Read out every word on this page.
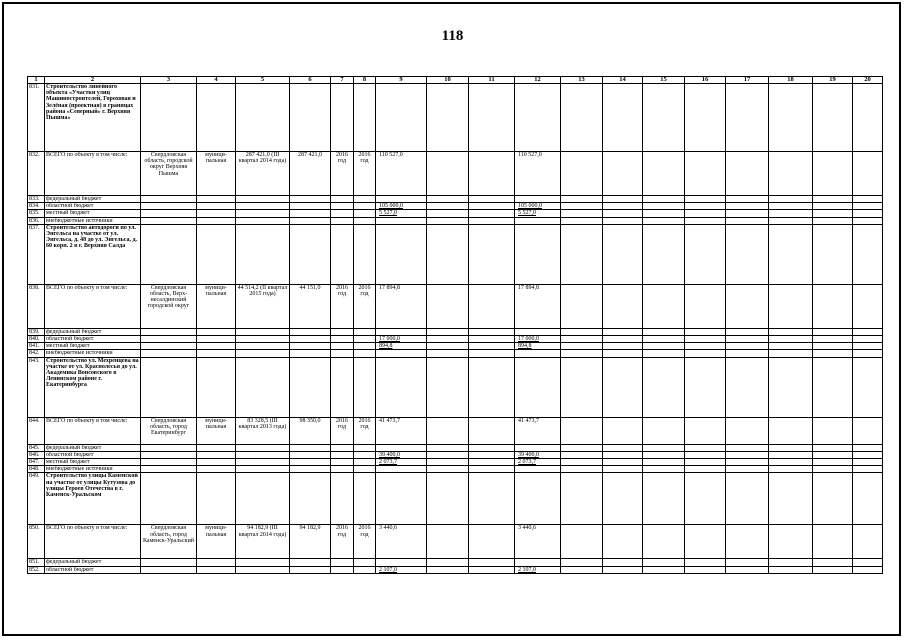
118
1	2	3	4	5	6	7	8	9	10	11	12	13	14	15	16	17	18	19	20
831.	Строительство линейного объекта «Участки улиц Машиностроителей, Гороховая и Зелёная (проектная) в границах района «Северный» г. Верхняя Пышма»																		
832.	ВСЕГО по объекту в том числе:	Свердловская область, городской округ Верхняя Пышма	муници-пальная	287 421,0 (III квартал 2014 года)	287 421,0	2016 год	2016 год	110 527,0			110 527,0								
833.	федеральный бюджет																		
834.	областной бюджет							105 000,0			105 000,0								
835.	местный бюджет							5 527,0			5 527,0								
836.	внебюджетные источники																		
837.	Строительство автодороги по ул. Энгельса на участке от ул. Энгельса, д. 48 до ул. Энгельса, д. 60 корп. 2 в г. Верхняя Салда																		
838.	ВСЕГО по объекту в том числе:	Свердловская область, Верх-несалдинский городской округ	муници-пальная	44 514,2 (II квартал 2015 года)	44 151,0	2016 год	2016 год	17 894,8			17 894,8								
839.	федеральный бюджет																		
840.	областной бюджет							17 000,0			17 000,0								
841.	местный бюджет							894,8			894,8								
842.	внебюджетные источники																		
843.	Строительство ул. Мехренцева на участке от ул. Краснолесья до ул. Академика Вонсовского в Ленинском районе г. Екатеринбурга																		
844.	ВСЕГО по объекту в том числе:	Свердловская область, город Екатеринбург	муници-пальная	83 328,5 (III квартал 2013 года)	98 350,0	2016 год	2016 год	41 473,7			41 473,7								
845.	федеральный бюджет																		
846.	областной бюджет							39 400,0			39 400,0								
847.	местный бюджет							2 073,7			2 073,7								
848.	внебюджетные источники																		
849.	Строительство улицы Каменской на участке от улицы Кутузова до улицы Героев Отечества в г. Каменск-Уральском																		
850.	ВСЕГО по объекту в том числе:	Свердловская область, город Каменск-Уральский	муници-пальная	94 182,9 (III квартал 2014 года)	94 182,9	2016 год	2016 год	3 440,6			3 440,6								
851.	федеральный бюджет																		
852.	областной бюджет							2 107,0			2 107,0								
